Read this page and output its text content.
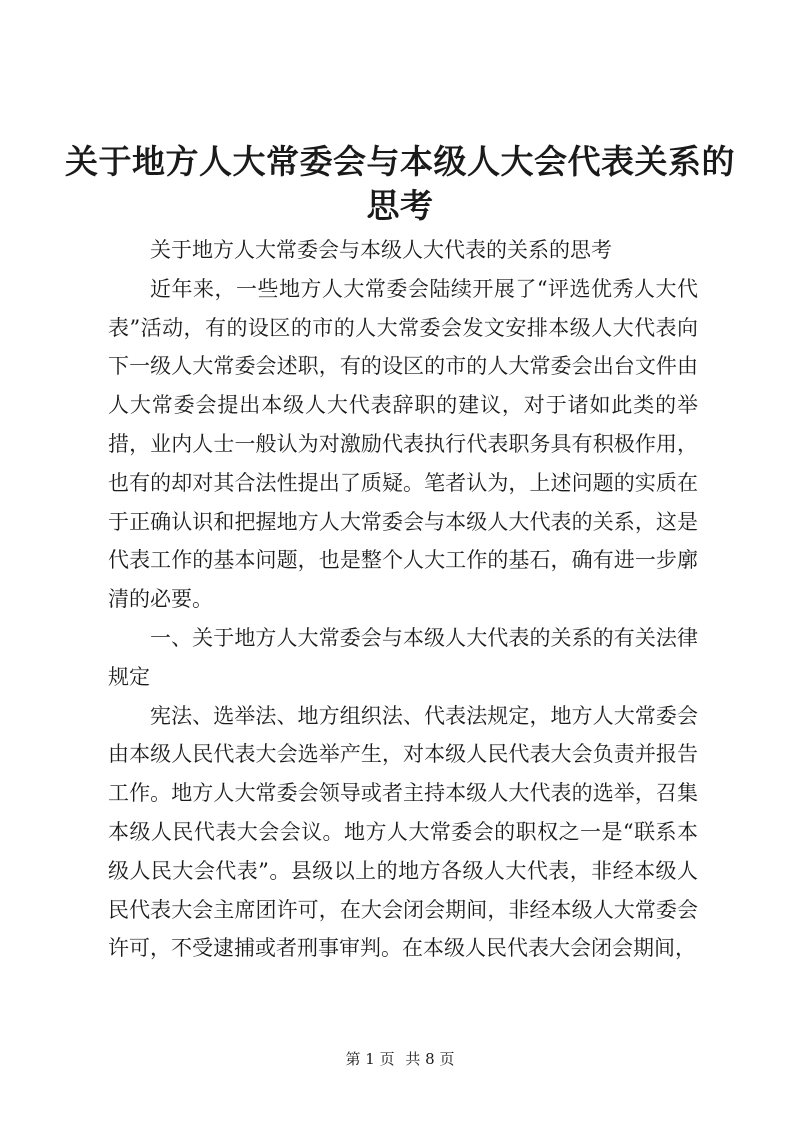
关于地方人大常委会与本级人大会代表关系的思考

关于地方人大常委会与本级人大代表的关系的思考

近年来，一些地方人大常委会陆续开展了“评选优秀人大代表”活动，有的设区的市的人大常委会发文安排本级人大代表向下一级人大常委会述职，有的设区的市的人大常委会出台文件由人大常委会提出本级人大代表辞职的建议，对于诸如此类的举措，业内人士一般认为对激励代表执行代表职务具有积极作用，也有的却对其合法性提出了质疑。笔者认为，上述问题的实质在于正确认识和把握地方人大常委会与本级人大代表的关系，这是代表工作的基本问题，也是整个人大工作的基石，确有进一步廓清的必要。

一、关于地方人大常委会与本级人大代表的关系的有关法律规定

宪法、选举法、地方组织法、代表法规定，地方人大常委会由本级人民代表大会选举产生，对本级人民代表大会负责并报告工作。地方人大常委会领导或者主持本级人大代表的选举，召集本级人民代表大会会议。地方人大常委会的职权之一是“联系本级人民大会代表”。县级以上的地方各级人大代表，非经本级人民代表大会主席团许可，在大会闭会期间，非经本级人大常委会许可，不受逮捕或者刑事审判。在本级人民代表大会闭会期间，

第 1 页 共 8 页
